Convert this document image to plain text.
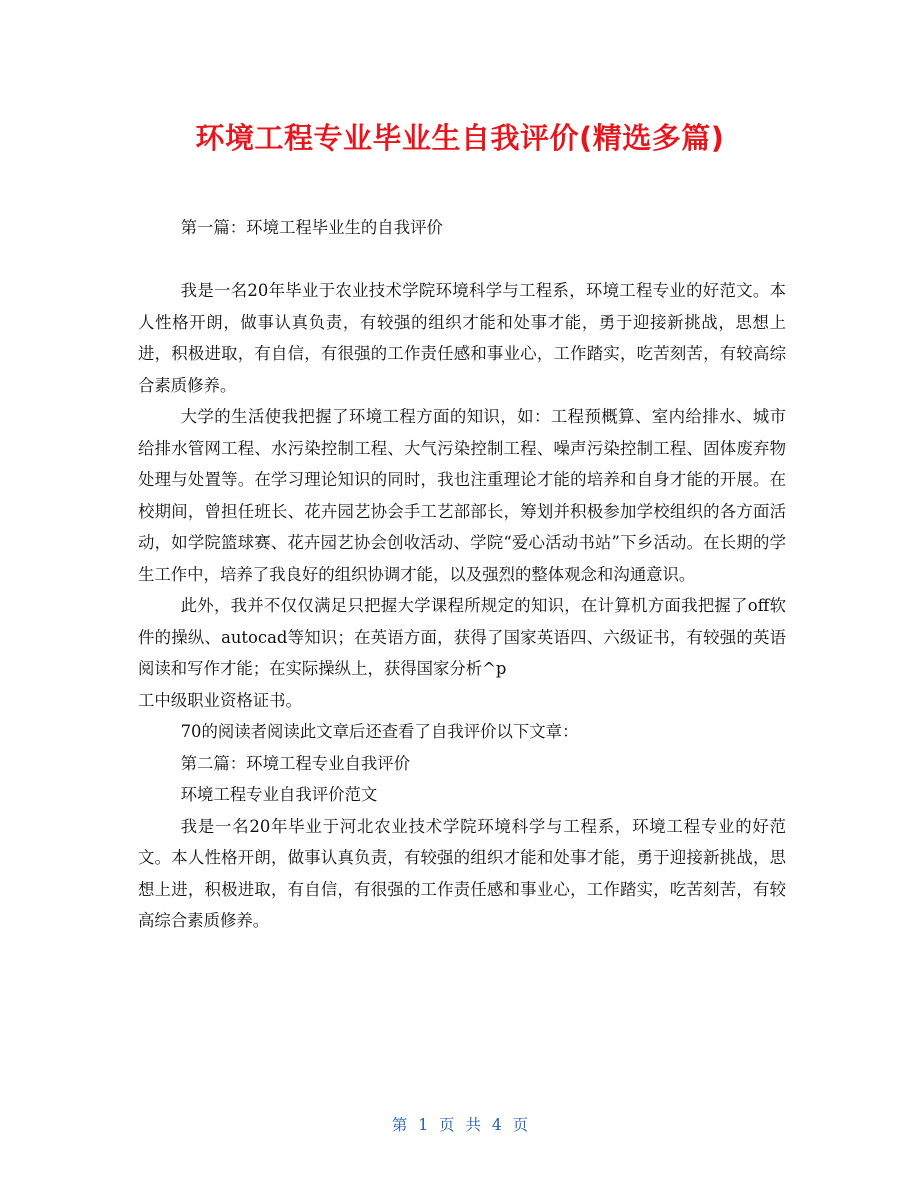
环境工程专业毕业生自我评价(精选多篇)

第一篇：环境工程毕业生的自我评价

我是一名20年毕业于农业技术学院环境科学与工程系，环境工程专业的好范文。本人性格开朗，做事认真负责，有较强的组织才能和处事才能，勇于迎接新挑战，思想上进，积极进取，有自信，有很强的工作责任感和事业心，工作踏实，吃苦刻苦，有较高综合素质修养。

大学的生活使我把握了环境工程方面的知识，如：工程预概算、室内给排水、城市给排水管网工程、水污染控制工程、大气污染控制工程、噪声污染控制工程、固体废弃物处理与处置等。在学习理论知识的同时，我也注重理论才能的培养和自身才能的开展。在校期间，曾担任班长、花卉园艺协会手工艺部部长，筹划并积极参加学校组织的各方面活动，如学院篮球赛、花卉园艺协会创收活动、学院“爱心活动书站”下乡活动。在长期的学生工作中，培养了我良好的组织协调才能，以及强烈的整体观念和沟通意识。

此外，我并不仅仅满足只把握大学课程所规定的知识，在计算机方面我把握了off软件的操纵、autocad等知识；在英语方面，获得了国家英语四、六级证书，有较强的英语阅读和写作才能；在实际操纵上，获得国家分析^p

工中级职业资格证书。

70的阅读者阅读此文章后还查看了自我评价以下文章：

第二篇：环境工程专业自我评价

环境工程专业自我评价范文

我是一名20年毕业于河北农业技术学院环境科学与工程系，环境工程专业的好范文。本人性格开朗，做事认真负责，有较强的组织才能和处事才能，勇于迎接新挑战，思想上进，积极进取，有自信，有很强的工作责任感和事业心，工作踏实，吃苦刻苦，有较高综合素质修养。

第 1 页 共 4 页
